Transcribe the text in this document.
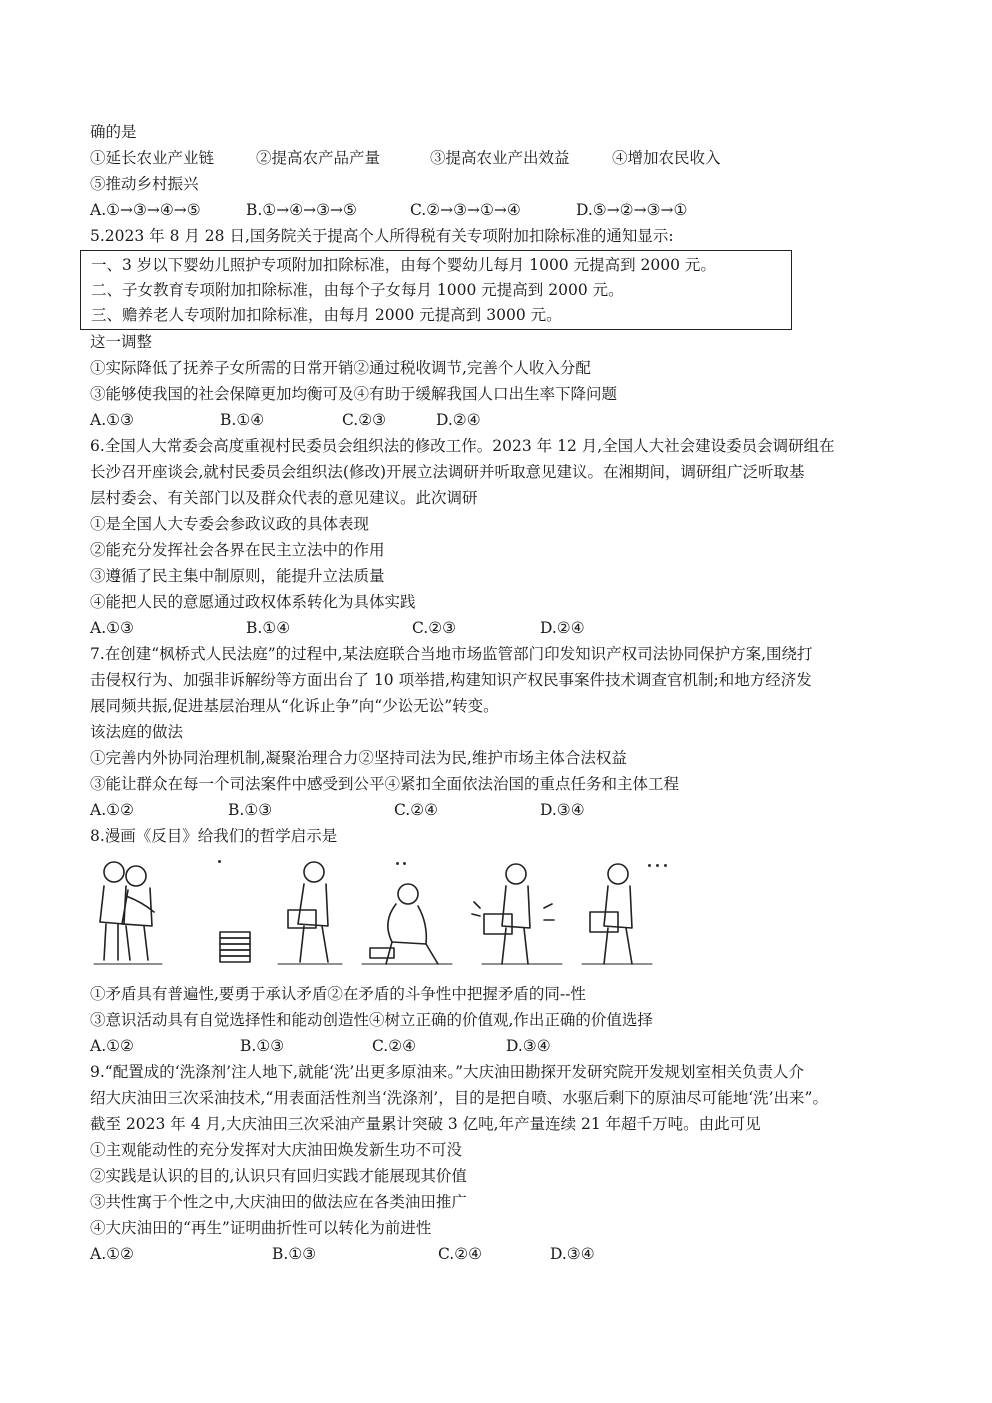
确的是
①延长农业产业链	②提高农产品产量	③提高农业产出效益	④增加农民收入
⑤推动乡村振兴
A.①→③→④→⑤	B.①→④→③→⑤	C.②→③→①→④	D.⑤→②→③→①
5.2023 年 8 月 28 日,国务院关于提高个人所得税有关专项附加扣除标准的通知显示:
一、3 岁以下婴幼儿照护专项附加扣除标准，由每个婴幼儿每月 1000 元提高到 2000 元。
二、子女教育专项附加扣除标准，由每个子女每月 1000 元提高到 2000 元。
三、赡养老人专项附加扣除标准，由每月 2000 元提高到 3000 元。
这一调整
①实际降低了抚养子女所需的日常开销②通过税收调节,完善个人收入分配
③能够使我国的社会保障更加均衡可及④有助于缓解我国人口出生率下降问题
A.①③	B.①④	C.②③	D.②④
6.全国人大常委会高度重视村民委员会组织法的修改工作。2023 年 12 月,全国人大社会建设委员会调研组在
长沙召开座谈会,就村民委员会组织法(修改)开展立法调研并听取意见建议。在湘期间，调研组广泛听取基
层村委会、有关部门以及群众代表的意见建议。此次调研
①是全国人大专委会参政议政的具体表现
②能充分发挥社会各界在民主立法中的作用
③遵循了民主集中制原则，能提升立法质量
④能把人民的意愿通过政权体系转化为具体实践
A.①③	B.①④	C.②③	D.②④
7.在创建“枫桥式人民法庭”的过程中,某法庭联合当地市场监管部门印发知识产权司法协同保护方案,围绕打
击侵权行为、加强非诉解纷等方面出台了 10 项举措,构建知识产权民事案件技术调查官机制;和地方经济发
展同频共振,促进基层治理从“化诉止争”向“少讼无讼”转变。
该法庭的做法
①完善内外协同治理机制,凝聚治理合力②坚持司法为民,维护市场主体合法权益
③能让群众在每一个司法案件中感受到公平④紧扣全面依法治国的重点任务和主体工程
A.①②	B.①③	C.②④	D.③④
8.漫画《反目》给我们的哲学启示是
①矛盾具有普遍性,要勇于承认矛盾②在矛盾的斗争性中把握矛盾的同--性
③意识活动具有自觉选择性和能动创造性④树立正确的价值观,作出正确的价值选择
A.①②	B.①③	C.②④	D.③④
9.“配置成的‘洗涤剂’注人地下,就能‘洗’出更多原油来。”大庆油田勘探开发研究院开发规划室相关负责人介
绍大庆油田三次采油技术,“用表面活性剂当‘洗涤剂’，目的是把自喷、水驱后剩下的原油尽可能地‘洗’出来”。
截至 2023 年 4 月,大庆油田三次采油产量累计突破 3 亿吨,年产量连续 21 年超千万吨。由此可见
①主观能动性的充分发挥对大庆油田焕发新生功不可没
②实践是认识的目的,认识只有回归实践才能展现其价值
③共性寓于个性之中,大庆油田的做法应在各类油田推广
④大庆油田的“再生”证明曲折性可以转化为前进性
A.①②	B.①③	C.②④	D.③④
